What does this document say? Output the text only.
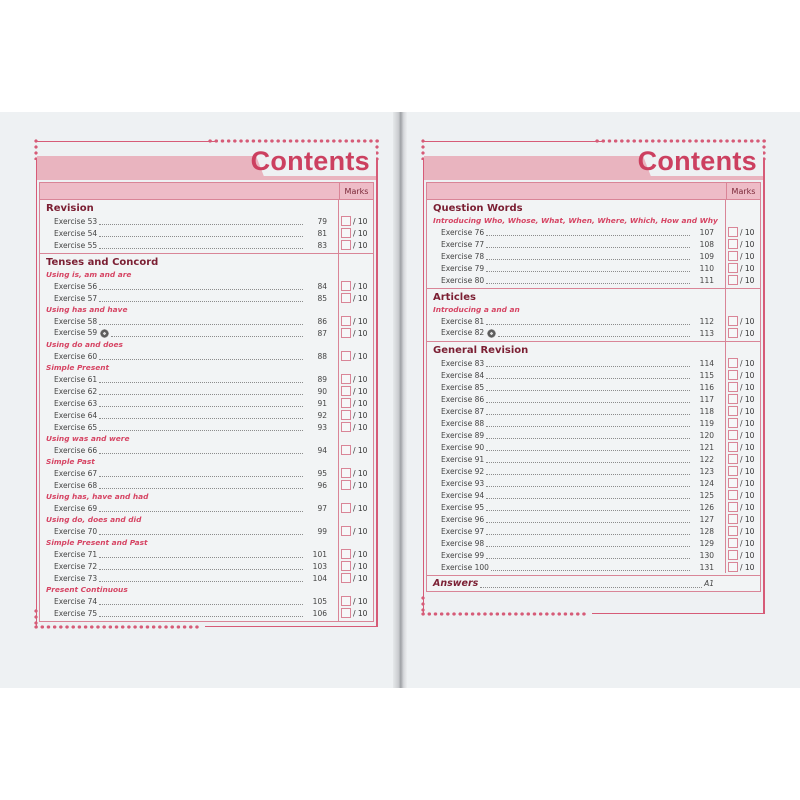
Contents
Marks
Revision
Exercise 53	79	/ 10
Exercise 54	81	/ 10
Exercise 55	83	/ 10
Tenses and Concord
Using is, am and are
Exercise 56	84	/ 10
Exercise 57	85	/ 10
Using has and have
Exercise 58	86	/ 10
Exercise 59	87	/ 10
Using do and does
Exercise 60	88	/ 10
Simple Present
Exercise 61	89	/ 10
Exercise 62	90	/ 10
Exercise 63	91	/ 10
Exercise 64	92	/ 10
Exercise 65	93	/ 10
Using was and were
Exercise 66	94	/ 10
Simple Past
Exercise 67	95	/ 10
Exercise 68	96	/ 10
Using has, have and had
Exercise 69	97	/ 10
Using do, does and did
Exercise 70	99	/ 10
Simple Present and Past
Exercise 71	101	/ 10
Exercise 72	103	/ 10
Exercise 73	104	/ 10
Present Continuous
Exercise 74	105	/ 10
Exercise 75	106	/ 10
Contents
Marks
Question Words
Introducing Who, Whose, What, When, Where, Which, How and Why
Exercise 76	107	/ 10
Exercise 77	108	/ 10
Exercise 78	109	/ 10
Exercise 79	110	/ 10
Exercise 80	111	/ 10
Articles
Introducing a and an
Exercise 81	112	/ 10
Exercise 82	113	/ 10
General Revision
Exercise 83	114	/ 10
Exercise 84	115	/ 10
Exercise 85	116	/ 10
Exercise 86	117	/ 10
Exercise 87	118	/ 10
Exercise 88	119	/ 10
Exercise 89	120	/ 10
Exercise 90	121	/ 10
Exercise 91	122	/ 10
Exercise 92	123	/ 10
Exercise 93	124	/ 10
Exercise 94	125	/ 10
Exercise 95	126	/ 10
Exercise 96	127	/ 10
Exercise 97	128	/ 10
Exercise 98	129	/ 10
Exercise 99	130	/ 10
Exercise 100	131	/ 10
Answers	A1
